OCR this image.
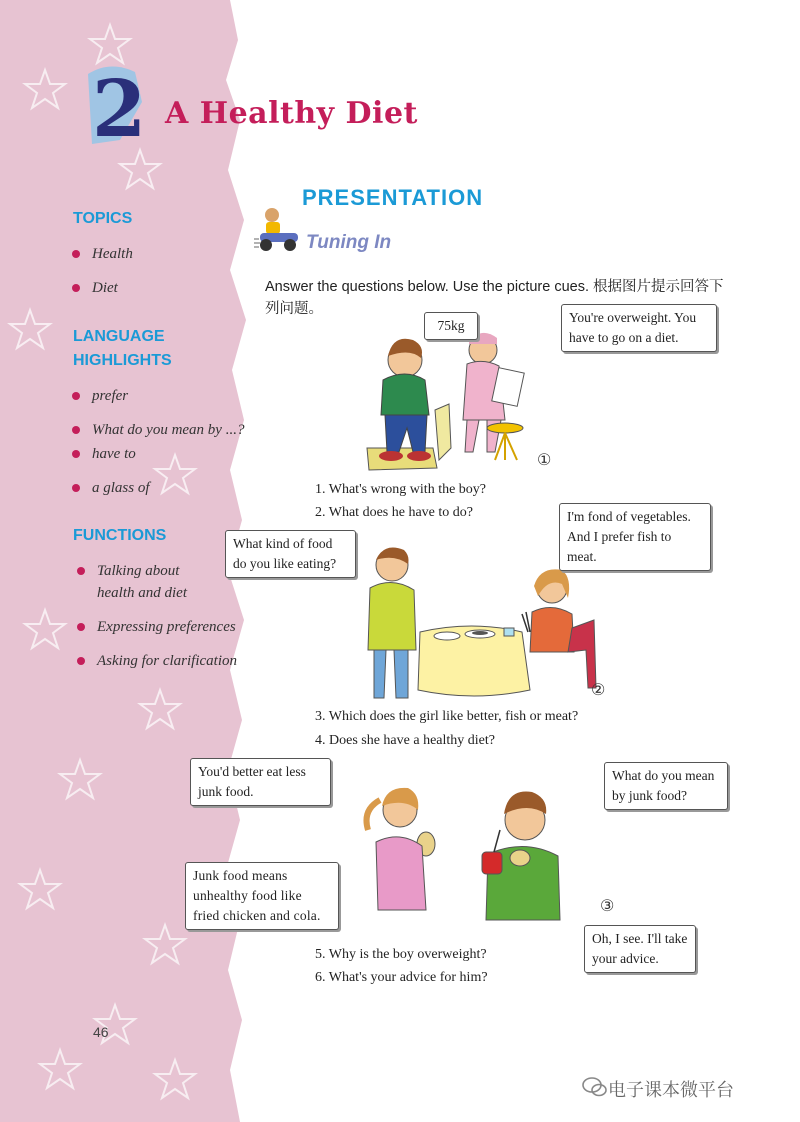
2 A Healthy Diet
TOPICS
Health
Diet
LANGUAGE
HIGHLIGHTS
prefer
What do you mean by ...?
have to
a glass of
FUNCTIONS
Talking about
health and diet
Expressing preferences
Asking for clarification
PRESENTATION
Tuning In
Answer the questions below. Use the picture cues. 根据图片提示回答下列问题。
75kg
You're overweight. You have to go on a diet.
①
1. What's wrong with the boy?
2. What does he have to do?
What kind of food do you like eating?
I'm fond of vegetables. And I prefer fish to meat.
②
3. Which does the girl like better, fish or meat?
4. Does she have a healthy diet?
You'd better eat less junk food.
What do you mean by junk food?
Junk food means unhealthy food like fried chicken and cola.
③
Oh, I see. I'll take your advice.
5. Why is the boy overweight?
6. What's your advice for him?
46
电子课本微平台
